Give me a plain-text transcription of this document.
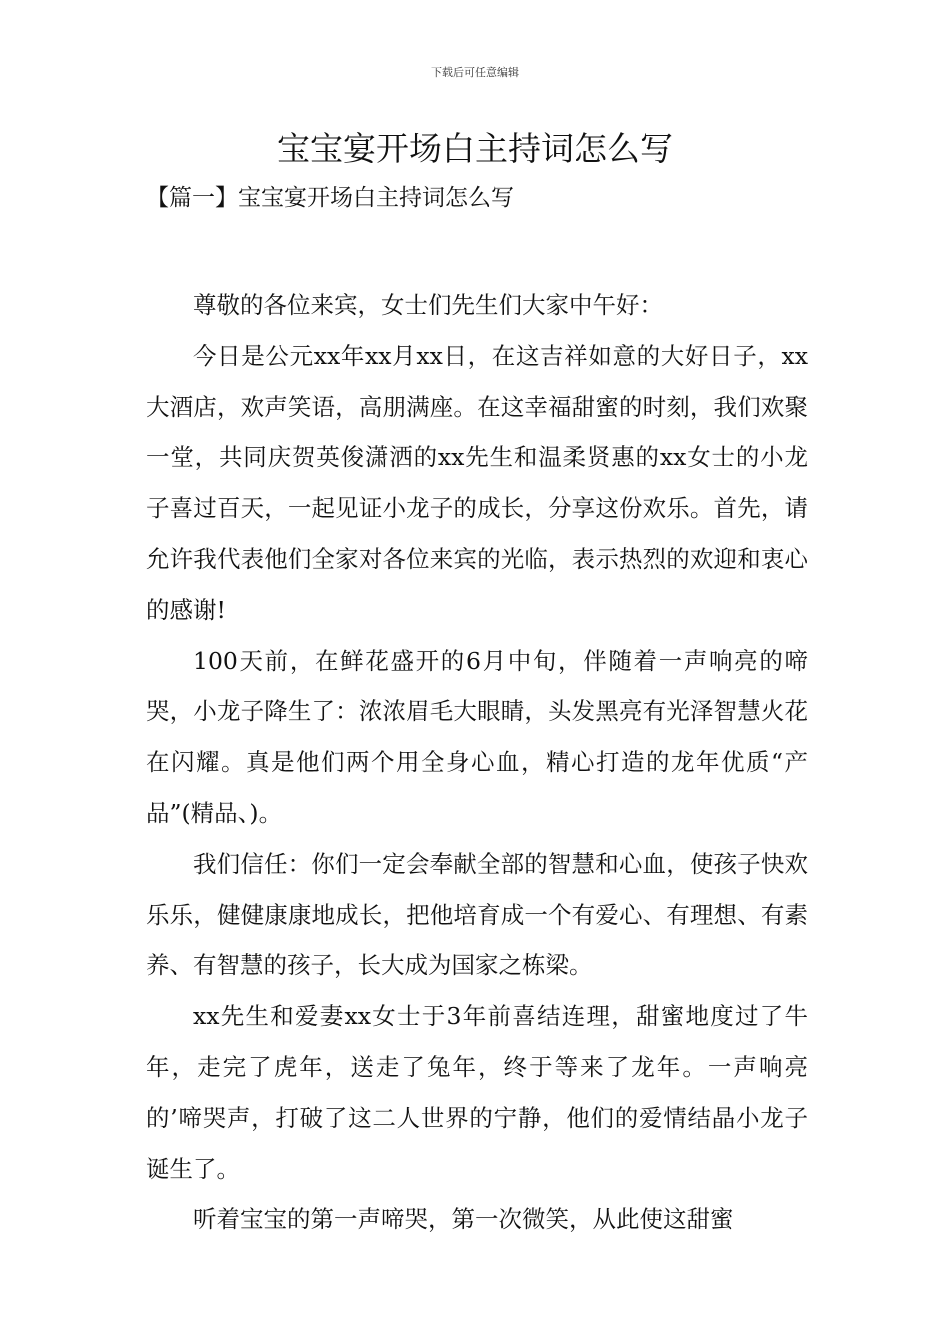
下载后可任意编辑
宝宝宴开场白主持词怎么写
【篇一】宝宝宴开场白主持词怎么写

尊敬的各位来宾，女士们先生们大家中午好：

今日是公元xx年xx月xx日，在这吉祥如意的大好日子，xx大酒店，欢声笑语，高朋满座。在这幸福甜蜜的时刻，我们欢聚一堂，共同庆贺英俊潇洒的xx先生和温柔贤惠的xx女士的小龙子喜过百天，一起见证小龙子的成长，分享这份欢乐。首先，请允许我代表他们全家对各位来宾的光临，表示热烈的欢迎和衷心的感谢!

100天前，在鲜花盛开的6月中旬，伴随着一声响亮的啼哭，小龙子降生了：浓浓眉毛大眼睛，头发黑亮有光泽智慧火花在闪耀。真是他们两个用全身心血，精心打造的龙年优质“产品”(精品、)。

我们信任：你们一定会奉献全部的智慧和心血，使孩子快欢乐乐，健健康康地成长，把他培育成一个有爱心、有理想、有素养、有智慧的孩子，长大成为国家之栋梁。

xx先生和爱妻xx女士于3年前喜结连理，甜蜜地度过了牛年，走完了虎年，送走了兔年，终于等来了龙年。一声响亮的’啼哭声，打破了这二人世界的宁静，他们的爱情结晶小龙子诞生了。

听着宝宝的第一声啼哭，第一次微笑，从此使这甜蜜
